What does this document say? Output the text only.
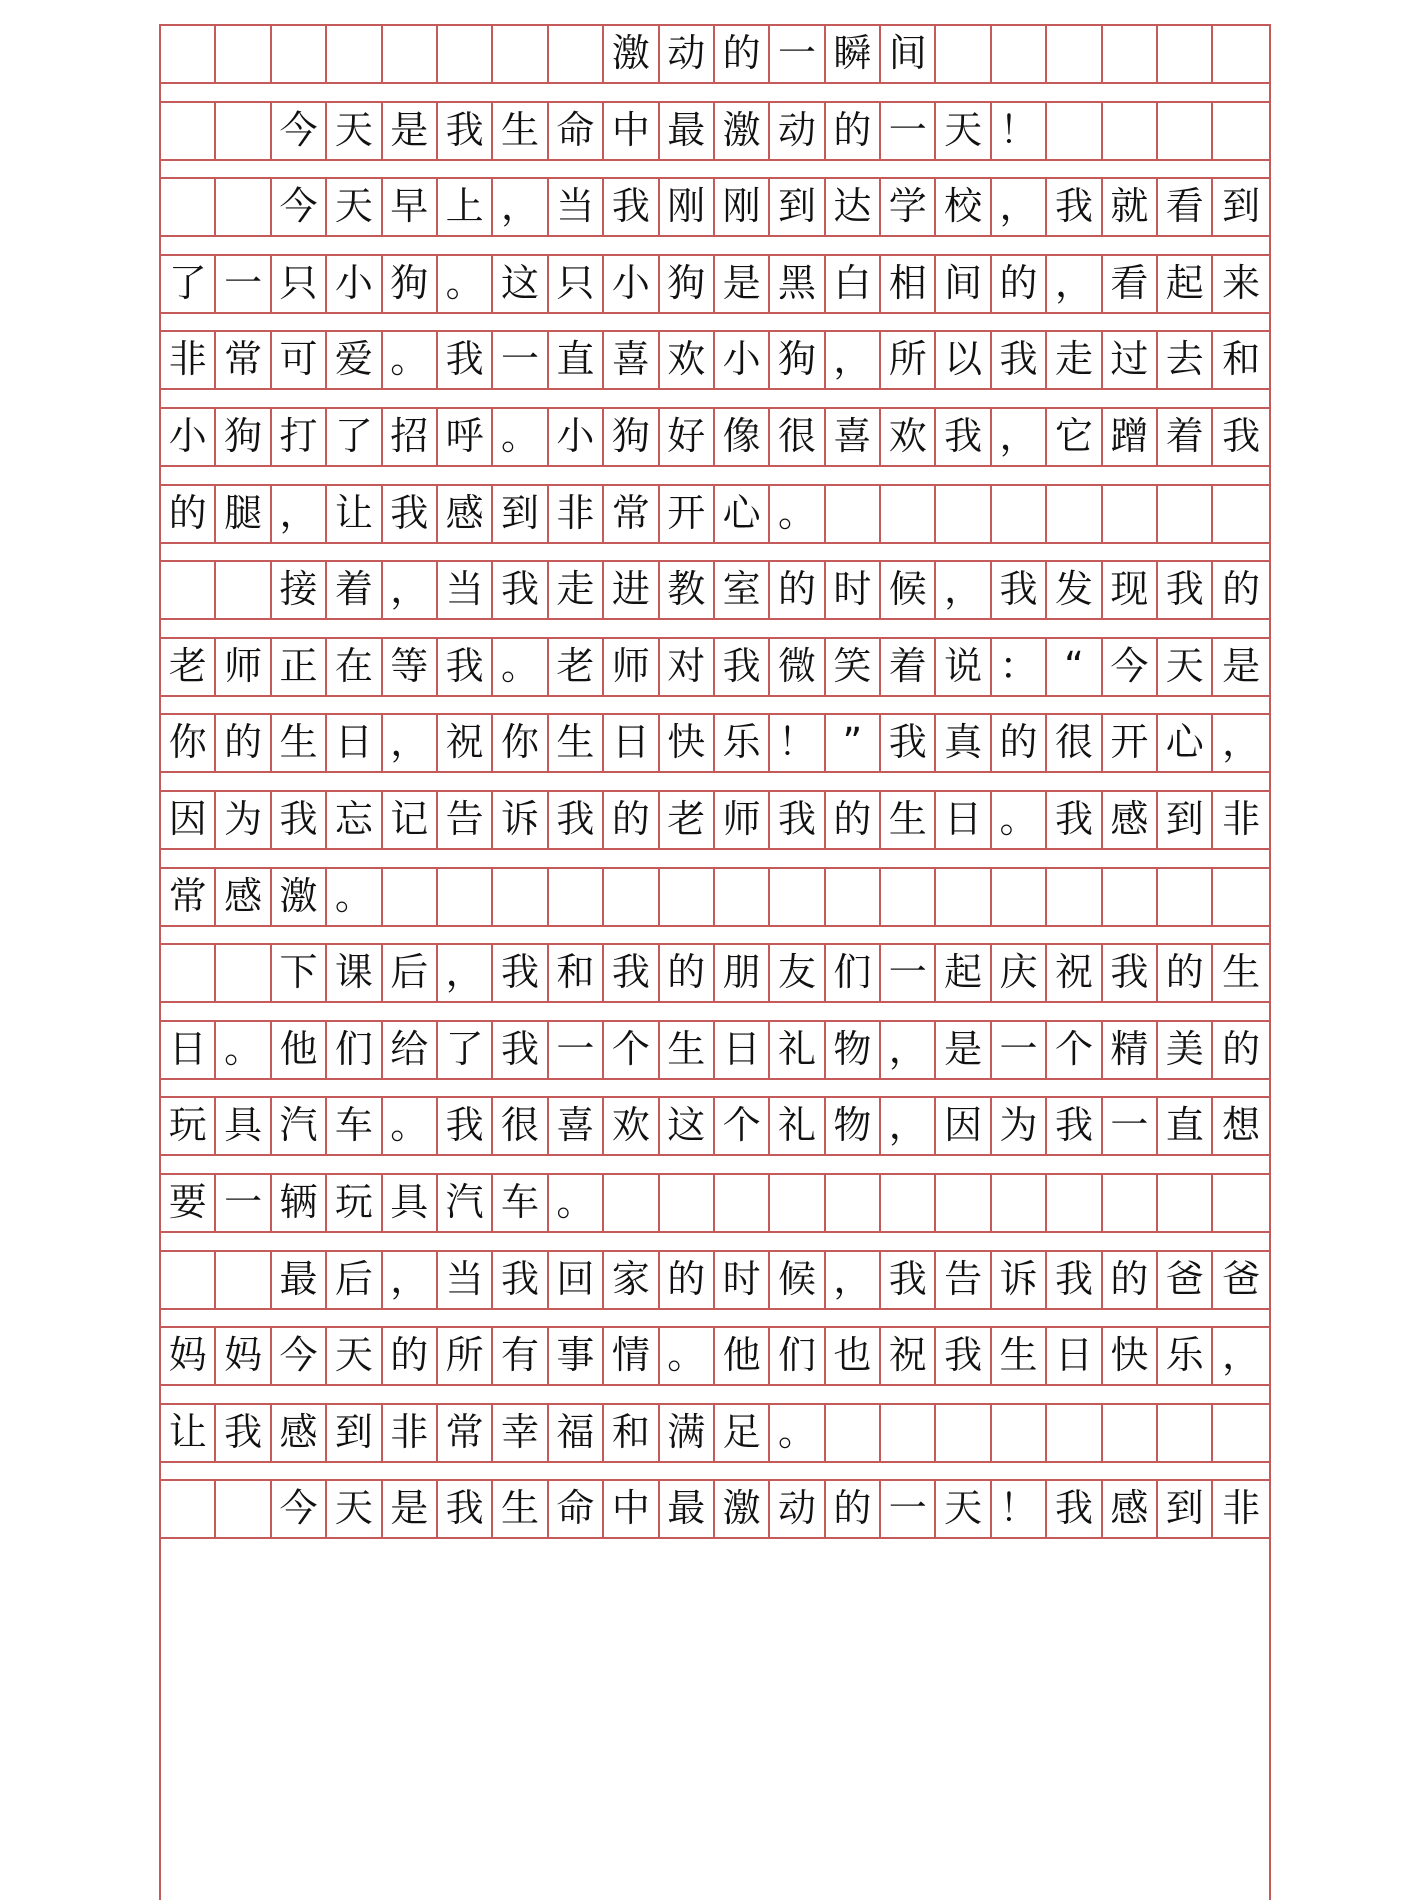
激 动 的 一 瞬 间
今 天 是 我 生 命 中 最 激 动 的 一 天 ！
今 天 早 上 ， 当 我 刚 刚 到 达 学 校 ， 我 就 看 到
了 一 只 小 狗 。 这 只 小 狗 是 黑 白 相 间 的 ， 看 起 来
非 常 可 爱 。 我 一 直 喜 欢 小 狗 ， 所 以 我 走 过 去 和
小 狗 打 了 招 呼 。 小 狗 好 像 很 喜 欢 我 ， 它 蹭 着 我
的 腿 ， 让 我 感 到 非 常 开 心 。
接 着 ， 当 我 走 进 教 室 的 时 候 ， 我 发 现 我 的
老 师 正 在 等 我 。 老 师 对 我 微 笑 着 说 ： “ 今 天 是
你 的 生 日 ， 祝 你 生 日 快 乐 ！ ” 我 真 的 很 开 心 ，
因 为 我 忘 记 告 诉 我 的 老 师 我 的 生 日 。 我 感 到 非
常 感 激 。
下 课 后 ， 我 和 我 的 朋 友 们 一 起 庆 祝 我 的 生
日 。 他 们 给 了 我 一 个 生 日 礼 物 ， 是 一 个 精 美 的
玩 具 汽 车 。 我 很 喜 欢 这 个 礼 物 ， 因 为 我 一 直 想
要 一 辆 玩 具 汽 车 。
最 后 ， 当 我 回 家 的 时 候 ， 我 告 诉 我 的 爸 爸
妈 妈 今 天 的 所 有 事 情 。 他 们 也 祝 我 生 日 快 乐 ，
让 我 感 到 非 常 幸 福 和 满 足 。
今 天 是 我 生 命 中 最 激 动 的 一 天 ！ 我 感 到 非
